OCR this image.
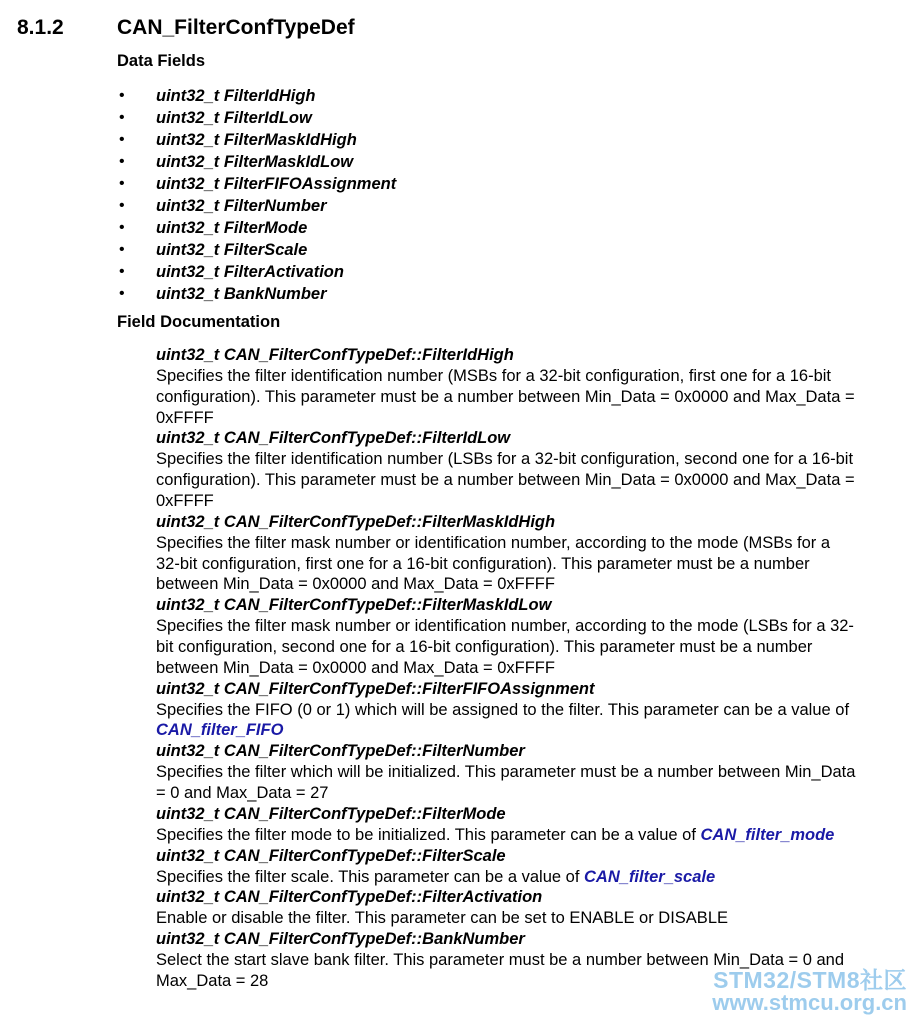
8.1.2	CAN_FilterConfTypeDef
Data Fields
• uint32_t FilterIdHigh
• uint32_t FilterIdLow
• uint32_t FilterMaskIdHigh
• uint32_t FilterMaskIdLow
• uint32_t FilterFIFOAssignment
• uint32_t FilterNumber
• uint32_t FilterMode
• uint32_t FilterScale
• uint32_t FilterActivation
• uint32_t BankNumber
Field Documentation
uint32_t CAN_FilterConfTypeDef::FilterIdHigh
Specifies the filter identification number (MSBs for a 32-bit configuration, first one for a 16-bit configuration). This parameter must be a number between Min_Data = 0x0000 and Max_Data = 0xFFFF
uint32_t CAN_FilterConfTypeDef::FilterIdLow
Specifies the filter identification number (LSBs for a 32-bit configuration, second one for a 16-bit configuration). This parameter must be a number between Min_Data = 0x0000 and Max_Data = 0xFFFF
uint32_t CAN_FilterConfTypeDef::FilterMaskIdHigh
Specifies the filter mask number or identification number, according to the mode (MSBs for a 32-bit configuration, first one for a 16-bit configuration). This parameter must be a number between Min_Data = 0x0000 and Max_Data = 0xFFFF
uint32_t CAN_FilterConfTypeDef::FilterMaskIdLow
Specifies the filter mask number or identification number, according to the mode (LSBs for a 32-bit configuration, second one for a 16-bit configuration). This parameter must be a number between Min_Data = 0x0000 and Max_Data = 0xFFFF
uint32_t CAN_FilterConfTypeDef::FilterFIFOAssignment
Specifies the FIFO (0 or 1) which will be assigned to the filter. This parameter can be a value of CAN_filter_FIFO
uint32_t CAN_FilterConfTypeDef::FilterNumber
Specifies the filter which will be initialized. This parameter must be a number between Min_Data = 0 and Max_Data = 27
uint32_t CAN_FilterConfTypeDef::FilterMode
Specifies the filter mode to be initialized. This parameter can be a value of CAN_filter_mode
uint32_t CAN_FilterConfTypeDef::FilterScale
Specifies the filter scale. This parameter can be a value of CAN_filter_scale
uint32_t CAN_FilterConfTypeDef::FilterActivation
Enable or disable the filter. This parameter can be set to ENABLE or DISABLE
uint32_t CAN_FilterConfTypeDef::BankNumber
Select the start slave bank filter. This parameter must be a number between Min_Data = 0 and Max_Data = 28	STM32/STM8社区
www.stmcu.org.cn
